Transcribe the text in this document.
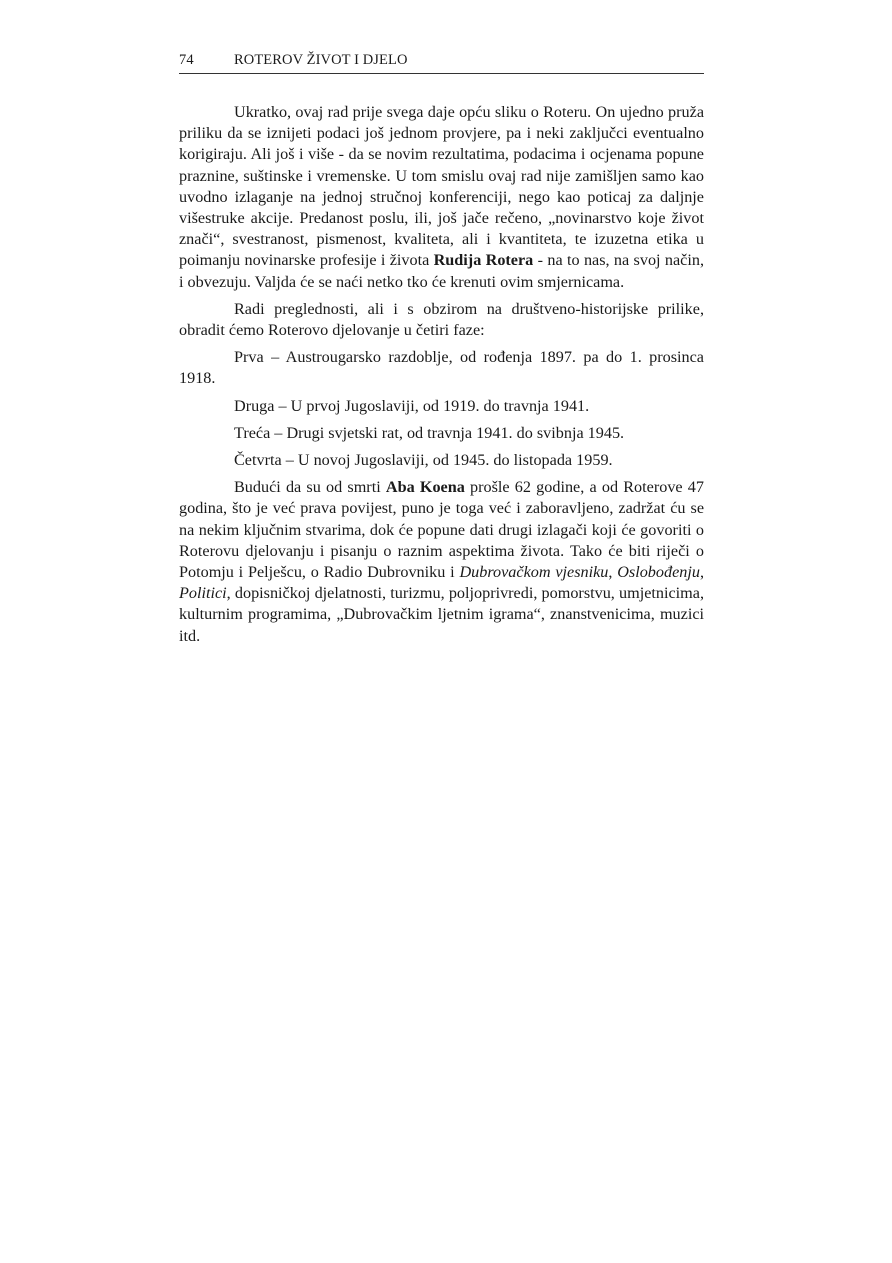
74	ROTEROV ŽIVOT I DJELO

Ukratko, ovaj rad prije svega daje opću sliku o Roteru. On ujedno pruža priliku da se iznijeti podaci još jednom provjere, pa i neki zaključci eventualno korigiraju. Ali još i više - da se novim rezultatima, podacima i ocjenama popune praznine, suštinske i vremenske. U tom smislu ovaj rad nije zamišljen samo kao uvodno izlaganje na jednoj stručnoj konferenciji, nego kao poticaj za daljnje višestruke akcije. Predanost poslu, ili, još jače rečeno, „novinarstvo koje život znači“, svestranost, pismenost, kvaliteta, ali i kvantiteta, te izuzetna etika u poimanju novinarske profesije i života Rudija Rotera - na to nas, na svoj način, i obvezuju. Valjda će se naći netko tko će krenuti ovim smjernicama.

Radi preglednosti, ali i s obzirom na društveno-historijske prilike, obradit ćemo Roterovo djelovanje u četiri faze:

Prva – Austrougarsko razdoblje, od rođenja 1897. pa do 1. prosinca 1918.

Druga – U prvoj Jugoslaviji, od 1919. do travnja 1941.

Treća – Drugi svjetski rat, od travnja 1941. do svibnja 1945.

Četvrta – U novoj Jugoslaviji, od 1945. do listopada 1959.

Budući da su od smrti Aba Koena prošle 62 godine, a od Roterove 47 godina, što je već prava povijest, puno je toga već i zaboravljeno, zadržat ću se na nekim ključnim stvarima, dok će popune dati drugi izlagači koji će govoriti o Roterovu djelovanju i pisanju o raznim aspektima života. Tako će biti riječi o Potomju i Pelješcu, o Radio Dubrovniku i Dubrovačkom vjesniku, Oslobođenju, Politici, dopisničkoj djelatnosti, turizmu, poljoprivredi, pomorstvu, umjetnicima, kulturnim programima, „Dubrovačkim ljetnim igrama“, znanstvenicima, muzici itd.
